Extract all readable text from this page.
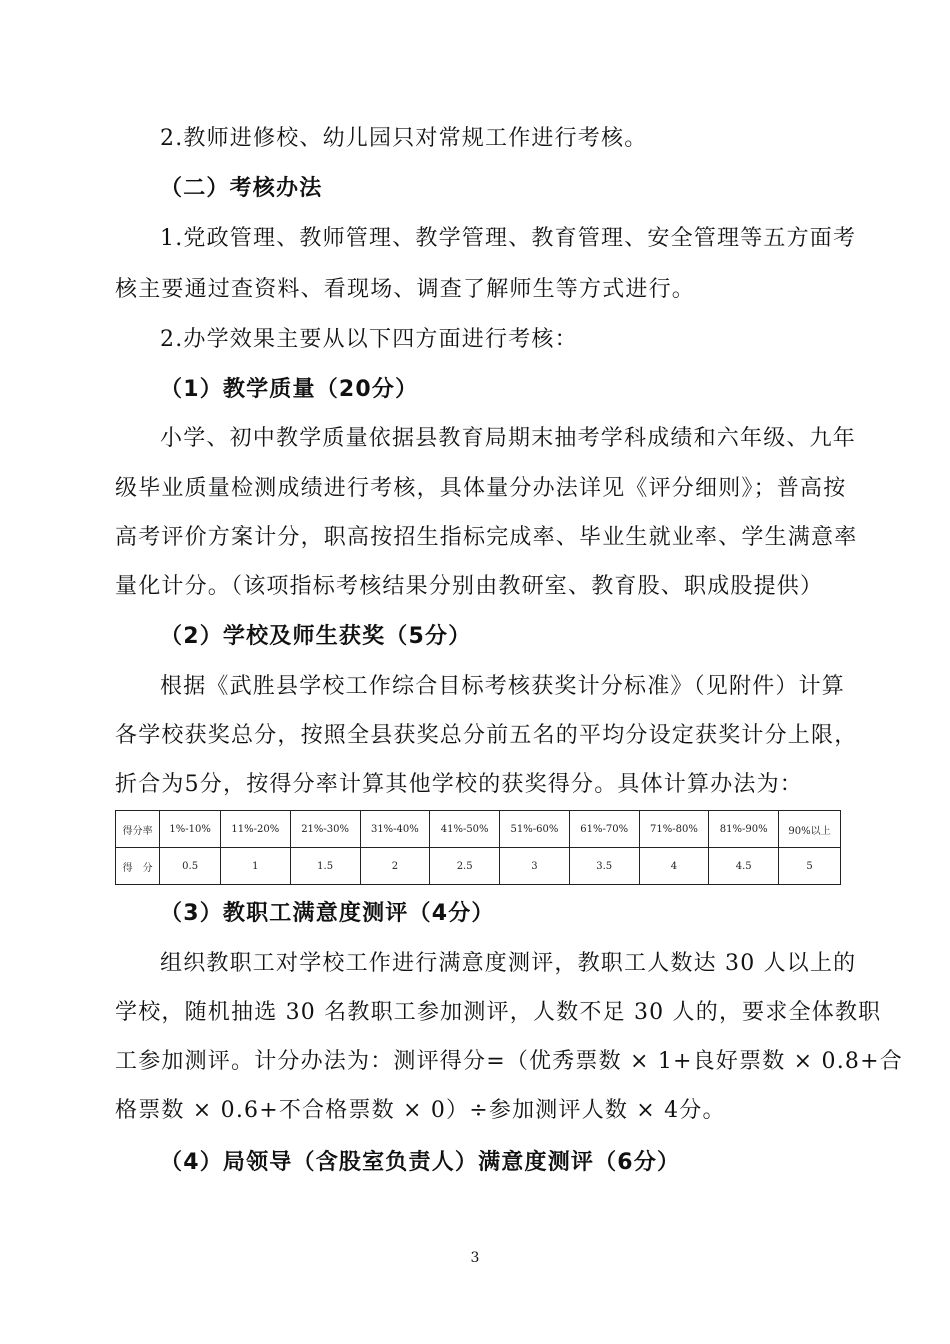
2.教师进修校、幼儿园只对常规工作进行考核。
（二）考核办法
1.党政管理、教师管理、教学管理、教育管理、安全管理等五方面考
核主要通过查资料、看现场、调查了解师生等方式进行。
2.办学效果主要从以下四方面进行考核：
（1）教学质量（20分）
小学、初中教学质量依据县教育局期末抽考学科成绩和六年级、九年
级毕业质量检测成绩进行考核，具体量分办法详见《评分细则》；普高按
高考评价方案计分，职高按招生指标完成率、毕业生就业率、学生满意率
量化计分。（该项指标考核结果分别由教研室、教育股、职成股提供）
（2）学校及师生获奖（5分）
根据《武胜县学校工作综合目标考核获奖计分标准》（见附件）计算
各学校获奖总分，按照全县获奖总分前五名的平均分设定获奖计分上限，
折合为5分，按得分率计算其他学校的获奖得分。具体计算办法为：
得分率	1%-10%	11%-20%	21%-30%	31%-40%	41%-50%	51%-60%	61%-70%	71%-80%	81%-90%	90%以上
得　分	0.5	1	1.5	2	2.5	3	3.5	4	4.5	5
（3）教职工满意度测评（4分）
组织教职工对学校工作进行满意度测评，教职工人数达 30 人以上的
学校，随机抽选 30 名教职工参加测评，人数不足 30 人的，要求全体教职
工参加测评。计分办法为：测评得分=（优秀票数 × 1+良好票数 × 0.8+合
格票数 × 0.6+不合格票数 × 0）÷参加测评人数 × 4分。
（4）局领导（含股室负责人）满意度测评（6分）
3
